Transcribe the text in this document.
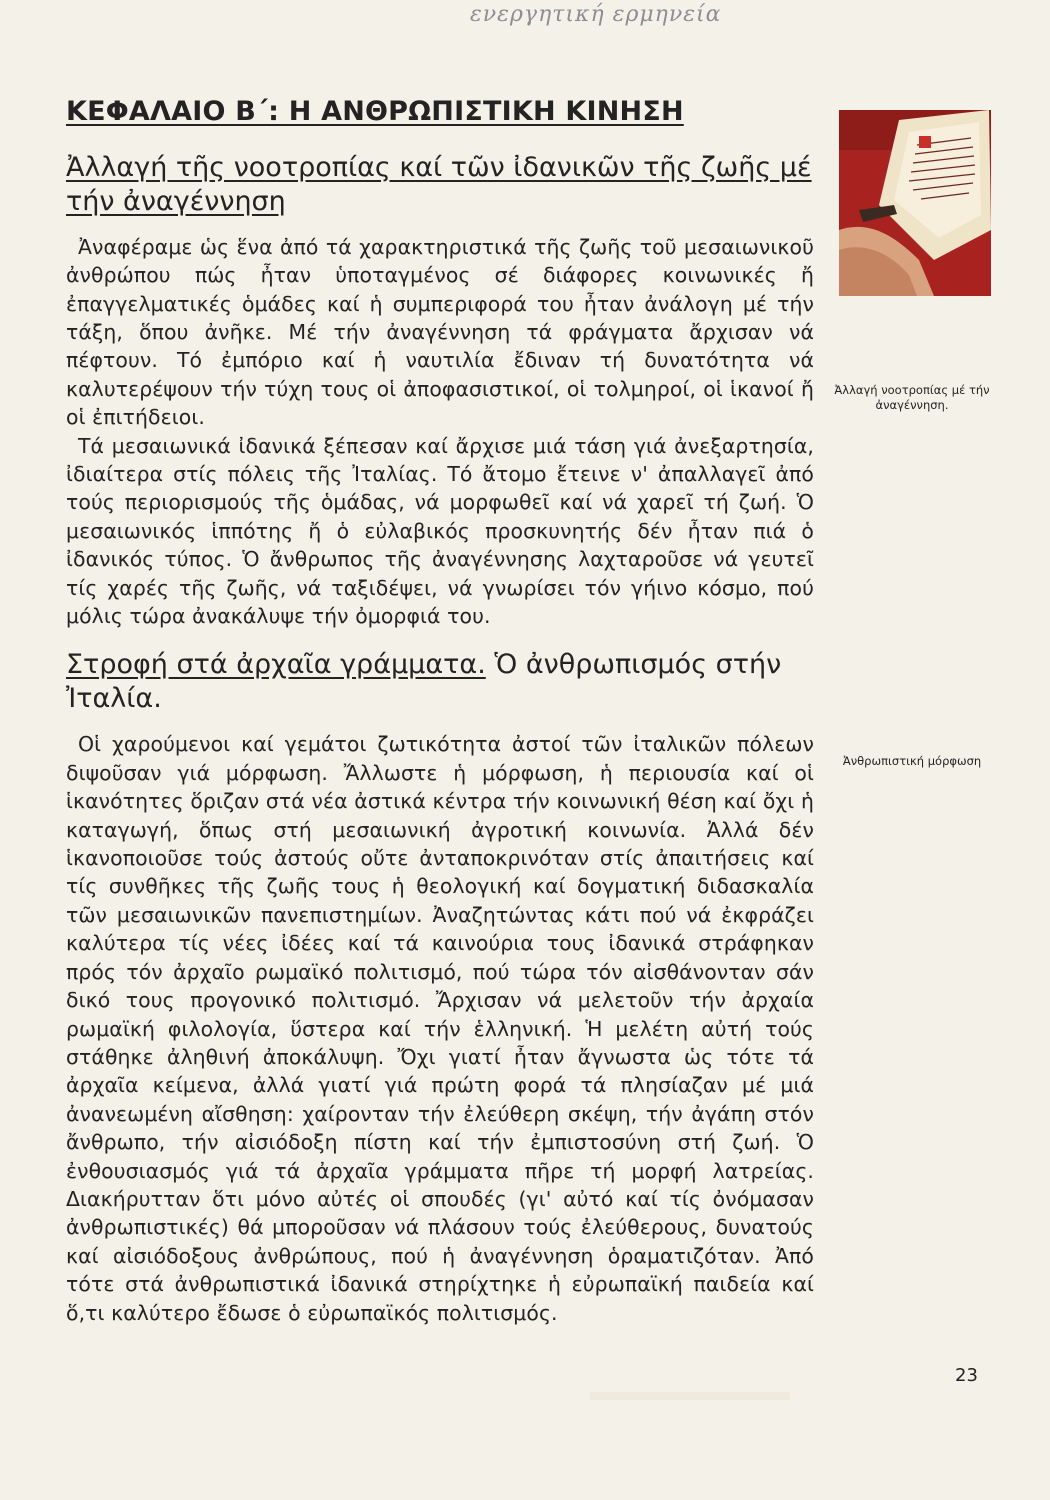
ενεργητική ερμηνεία
ΚΕΦΑΛΑΙΟ Β΄: Η ΑΝΘΡΩΠΙΣΤΙΚΗ ΚΙΝΗΣΗ
Ἀλλαγή τῆς νοοτροπίας καί τῶν ἰδανικῶν τῆς ζωῆς μέ τήν ἀναγέννηση

Ἀναφέραμε ὡς ἕνα ἀπό τά χαρακτηριστικά τῆς ζωῆς τοῦ μεσαιωνικοῦ ἀνθρώπου πώς ἦταν ὑποταγμένος σέ διάφορες κοινωνικές ἤ ἐπαγγελματικές ὁμάδες καί ἡ συμπεριφορά του ἦταν ἀνάλογη μέ τήν τάξη, ὅπου ἀνῆκε. Μέ τήν ἀναγέννηση τά φράγματα ἄρχισαν νά πέφτουν. Τό ἐμπόριο καί ἡ ναυτιλία ἔδιναν τή δυνατότητα νά καλυτερέψουν τήν τύχη τους οἱ ἀποφασιστικοί, οἱ τολμηροί, οἱ ἱκανοί ἤ οἱ ἐπιτήδειοι.

Τά μεσαιωνικά ἰδανικά ξέπεσαν καί ἄρχισε μιά τάση γιά ἀνεξαρτησία, ἰδιαίτερα στίς πόλεις τῆς Ἰταλίας. Τό ἄτομο ἔτεινε ν' ἀπαλλαγεῖ ἀπό τούς περιορισμούς τῆς ὁμάδας, νά μορφωθεῖ καί νά χαρεῖ τή ζωή. Ὁ μεσαιωνικός ἱππότης ἤ ὁ εὐλαβικός προσκυνητής δέν ἦταν πιά ὁ ἰδανικός τύπος. Ὁ ἄνθρωπος τῆς ἀναγέννησης λαχταροῦσε νά γευτεῖ τίς χαρές τῆς ζωῆς, νά ταξιδέψει, νά γνωρίσει τόν γήινο κόσμο, πού μόλις τώρα ἀνακάλυψε τήν ὀμορφιά του.

Στροφή στά ἀρχαῖα γράμματα. Ὁ ἀνθρωπισμός στήν Ἰταλία.

Οἱ χαρούμενοι καί γεμάτοι ζωτικότητα ἀστοί τῶν ἰταλικῶν πόλεων διψοῦσαν γιά μόρφωση. Ἄλλωστε ἡ μόρφωση, ἡ περιουσία καί οἱ ἱκανότητες ὅριζαν στά νέα ἀστικά κέντρα τήν κοινωνική θέση καί ὄχι ἡ καταγωγή, ὅπως στή μεσαιωνική ἀγροτική κοινωνία. Ἀλλά δέν ἱκανοποιοῦσε τούς ἀστούς οὔτε ἀνταποκρινόταν στίς ἀπαιτήσεις καί τίς συνθῆκες τῆς ζωῆς τους ἡ θεολογική καί δογματική διδασκαλία τῶν μεσαιωνικῶν πανεπιστημίων. Ἀναζητώντας κάτι πού νά ἐκφράζει καλύτερα τίς νέες ἰδέες καί τά καινούρια τους ἰδανικά στράφηκαν πρός τόν ἀρχαῖο ρωμαϊκό πολιτισμό, πού τώρα τόν αἰσθάνονταν σάν δικό τους προγονικό πολιτισμό. Ἄρχισαν νά μελετοῦν τήν ἀρχαία ρωμαϊκή φιλολογία, ὕστερα καί τήν ἑλληνική. Ἡ μελέτη αὐτή τούς στάθηκε ἀληθινή ἀποκάλυψη. Ὄχι γιατί ἦταν ἄγνωστα ὡς τότε τά ἀρχαῖα κείμενα, ἀλλά γιατί γιά πρώτη φορά τά πλησίαζαν μέ μιά ἀνανεωμένη αἴσθηση: χαίρονταν τήν ἐλεύθερη σκέψη, τήν ἀγάπη στόν ἄνθρωπο, τήν αἰσιόδοξη πίστη καί τήν ἐμπιστοσύνη στή ζωή. Ὁ ἐνθουσιασμός γιά τά ἀρχαῖα γράμματα πῆρε τή μορφή λατρείας. Διακήρυτταν ὅτι μόνο αὐτές οἱ σπουδές (γι' αὐτό καί τίς ὀνόμασαν ἀνθρωπιστικές) θά μποροῦσαν νά πλάσουν τούς ἐλεύθερους, δυνατούς καί αἰσιόδοξους ἀνθρώπους, πού ἡ ἀναγέννηση ὁραματιζόταν. Ἀπό τότε στά ἀνθρωπιστικά ἰδανικά στηρίχτηκε ἡ εὐρωπαϊκή παιδεία καί ὅ,τι καλύτερο ἔδωσε ὁ εὐρωπαϊκός πολιτισμός.

Ἀλλαγή νοοτροπίας μέ τήν ἀναγέννηση.
Ἀνθρωπιστική μόρφωση
23
